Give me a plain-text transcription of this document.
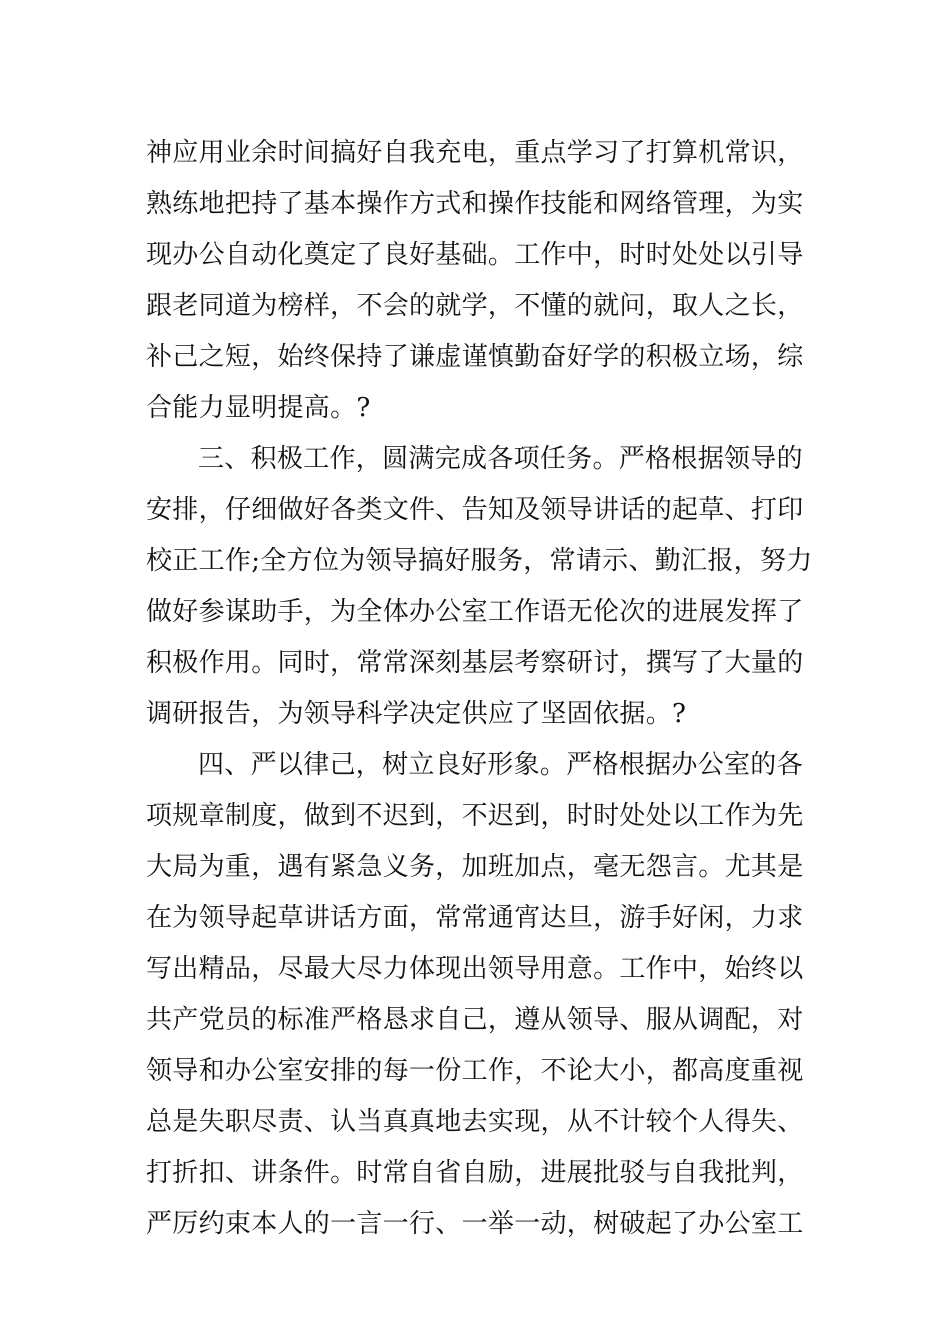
神应用业余时间搞好自我充电，重点学习了打算机常识，
熟练地把持了基本操作方式和操作技能和网络管理，为实
现办公自动化奠定了良好基础。工作中，时时处处以引导
跟老同道为榜样，不会的就学，不懂的就问，取人之长，
补己之短，始终保持了谦虚谨慎勤奋好学的积极立场，综
合能力显明提高。?
三、积极工作，圆满完成各项任务。严格根据领导的
安排，仔细做好各类文件、告知及领导讲话的起草、打印
校正工作;全方位为领导搞好服务，常请示、勤汇报，努力
做好参谋助手，为全体办公室工作语无伦次的进展发挥了
积极作用。同时，常常深刻基层考察研讨，撰写了大量的
调研报告，为领导科学决定供应了坚固依据。?
四、严以律己，树立良好形象。严格根据办公室的各
项规章制度，做到不迟到，不迟到，时时处处以工作为先
大局为重，遇有紧急义务，加班加点，毫无怨言。尤其是
在为领导起草讲话方面，常常通宵达旦，游手好闲，力求
写出精品，尽最大尽力体现出领导用意。工作中，始终以
共产党员的标准严格恳求自己，遵从领导、服从调配，对
领导和办公室安排的每一份工作，不论大小，都高度重视
总是失职尽责、认当真真地去实现，从不计较个人得失、
打折扣、讲条件。时常自省自励，进展批驳与自我批判，
严厉约束本人的一言一行、一举一动，树破起了办公室工
